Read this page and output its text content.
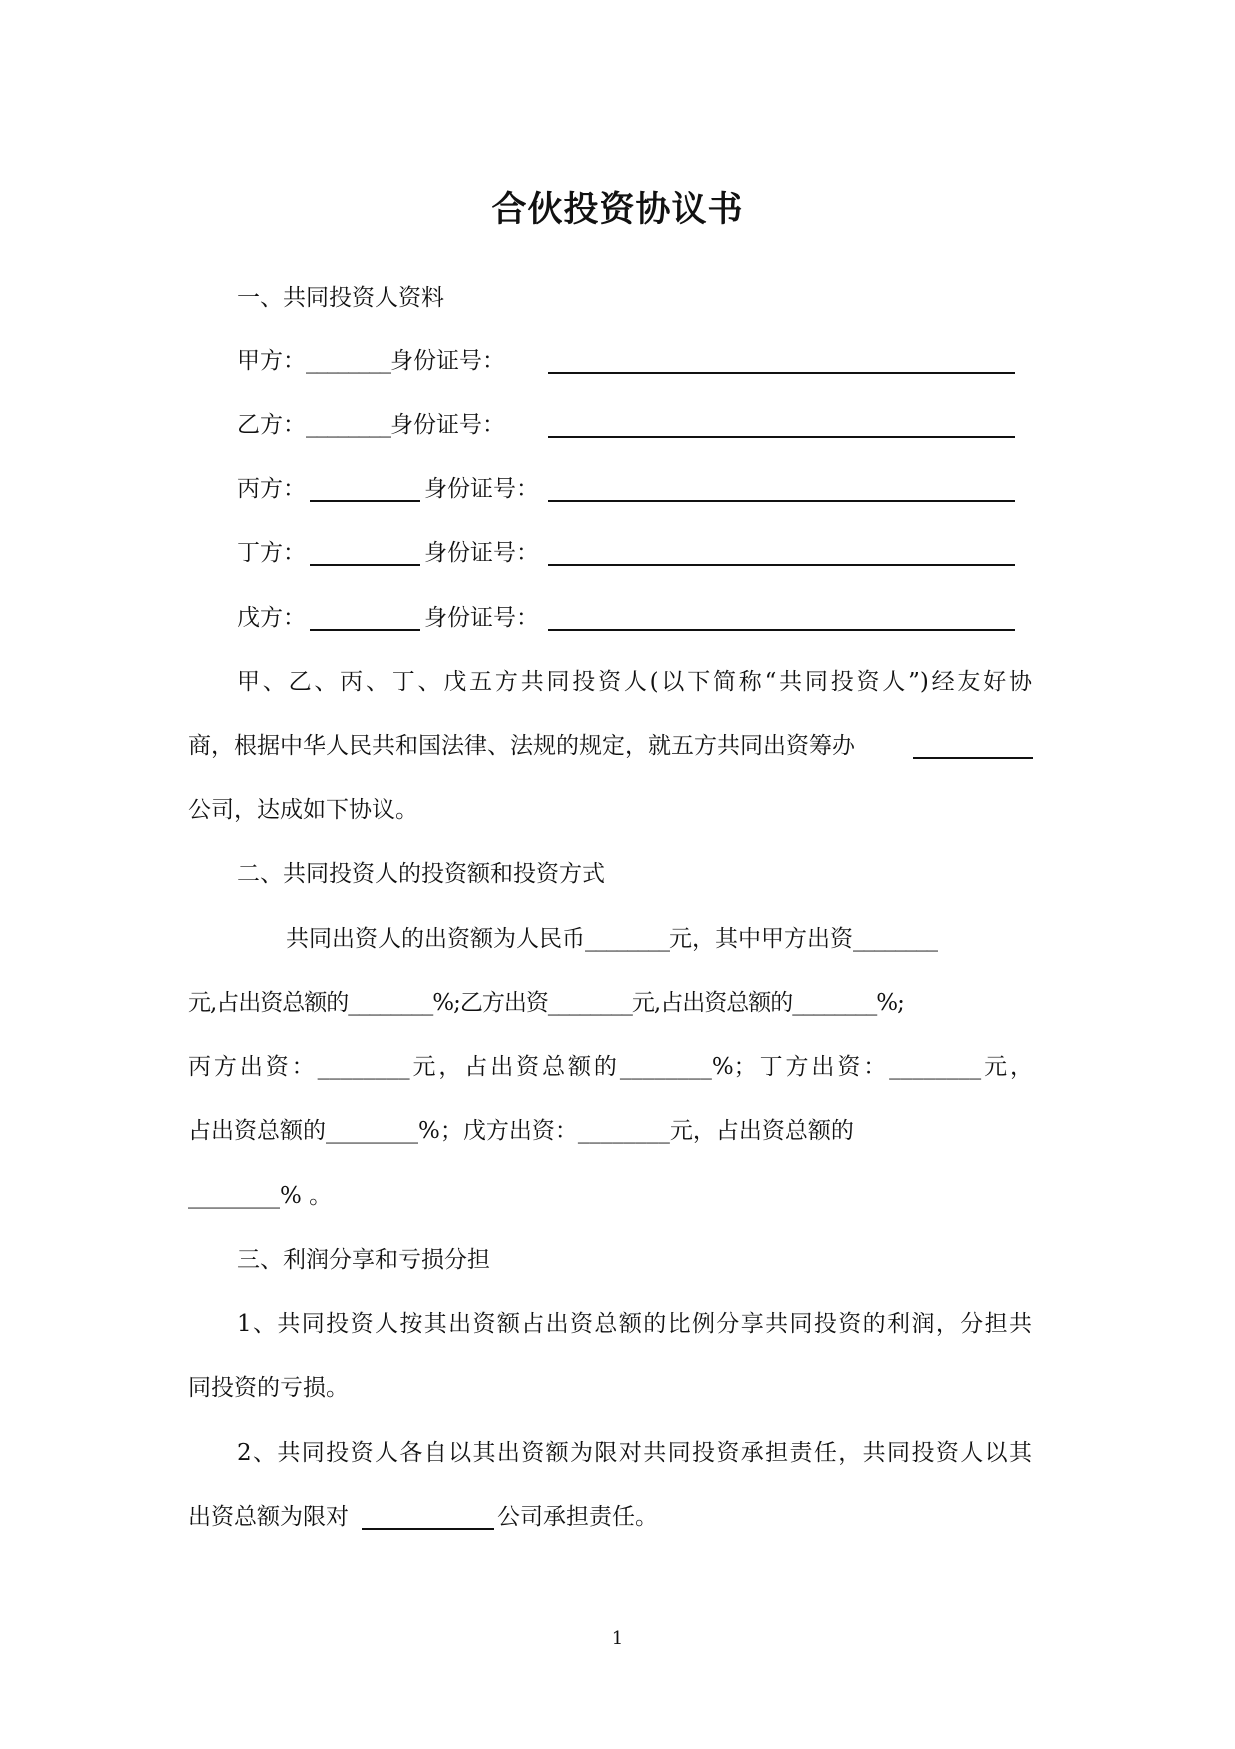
合伙投资协议书
一、共同投资人资料
甲方：________身份证号：
乙方：________身份证号：
丙方：	身份证号：
丁方：	身份证号：
戊方：	身份证号：
甲、乙、丙、丁、戊五方共同投资人(以下简称“共同投资人”)经友好协
商，根据中华人民共和国法律、法规的规定，就五方共同出资筹办
公司，达成如下协议。
二、共同投资人的投资额和投资方式
共同出资人的出资额为人民币________元，其中甲方出资________
元,占出资总额的________%;乙方出资________元,占出资总额的________%;
丙方出资：________元，占出资总额的________%；丁方出资：________元，
占出资总额的________%；戊方出资：________元，占出资总额的
________% 。
三、利润分享和亏损分担
1、共同投资人按其出资额占出资总额的比例分享共同投资的利润，分担共
同投资的亏损。
2、共同投资人各自以其出资额为限对共同投资承担责任，共同投资人以其
出资总额为限对	公司承担责任。
1
